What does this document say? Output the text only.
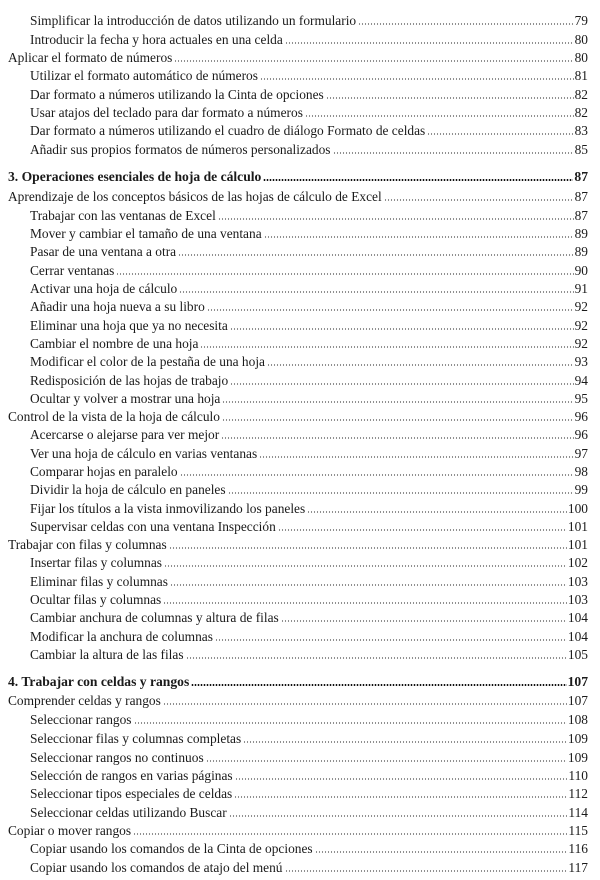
Simplificar la introducción de datos utilizando un formulario	79
Introducir la fecha y hora actuales en una celda	80
Aplicar el formato de números	80
Utilizar el formato automático de números	81
Dar formato a números utilizando la Cinta de opciones	82
Usar atajos del teclado para dar formato a números	82
Dar formato a números utilizando el cuadro de diálogo Formato de celdas	83
Añadir sus propios formatos de números personalizados	85
3. Operaciones esenciales de hoja de cálculo	87
Aprendizaje de los conceptos básicos de las hojas de cálculo de Excel	87
Trabajar con las ventanas de Excel	87
Mover y cambiar el tamaño de una ventana	89
Pasar de una ventana a otra	89
Cerrar ventanas	90
Activar una hoja de cálculo	91
Añadir una hoja nueva a su libro	92
Eliminar una hoja que ya no necesita	92
Cambiar el nombre de una hoja	92
Modificar el color de la pestaña de una hoja	93
Redisposición de las hojas de trabajo	94
Ocultar y volver a mostrar una hoja	95
Control de la vista de la hoja de cálculo	96
Acercarse o alejarse para ver mejor	96
Ver una hoja de cálculo en varias ventanas	97
Comparar hojas en paralelo	98
Dividir la hoja de cálculo en paneles	99
Fijar los títulos a la vista inmovilizando los paneles	100
Supervisar celdas con una ventana Inspección	101
Trabajar con filas y columnas	101
Insertar filas y columnas	102
Eliminar filas y columnas	103
Ocultar filas y columnas	103
Cambiar anchura de columnas y altura de filas	104
Modificar la anchura de columnas	104
Cambiar la altura de las filas	105
4. Trabajar con celdas y rangos	107
Comprender celdas y rangos	107
Seleccionar rangos	108
Seleccionar filas y columnas completas	109
Seleccionar rangos no continuos	109
Selección de rangos en varias páginas	110
Seleccionar tipos especiales de celdas	112
Seleccionar celdas utilizando Buscar	114
Copiar o mover rangos	115
Copiar usando los comandos de la Cinta de opciones	116
Copiar usando los comandos de atajo del menú	117
